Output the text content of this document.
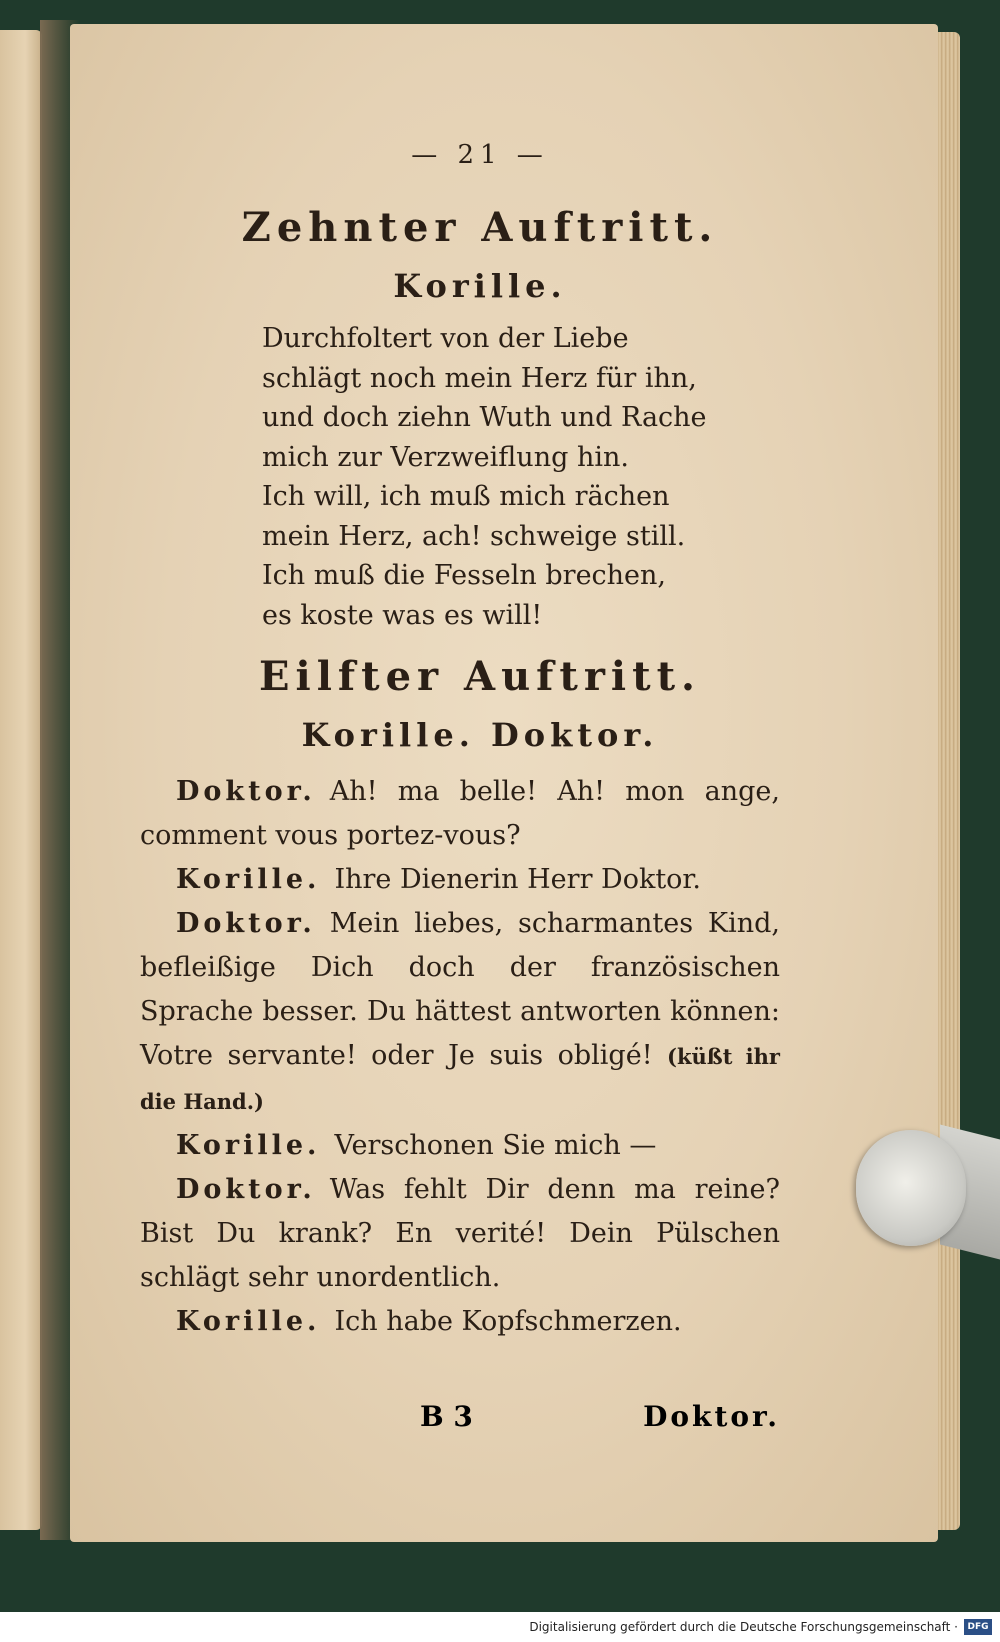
— 21 —
Zehnter Auftritt.
Korille.
Durchfoltert von der Liebe
schlägt noch mein Herz für ihn,
und doch ziehn Wuth und Rache
mich zur Verzweiflung hin.
Ich will, ich muß mich rächen
mein Herz, ach! schweige still.
Ich muß die Fesseln brechen,
es koste was es will!
Eilfter Auftritt.
Korille. Doktor.

Doktor. Ah! ma belle! Ah! mon ange, comment vous portez-vous?

Korille. Ihre Dienerin Herr Doktor.

Doktor. Mein liebes, scharmantes Kind, befleißige Dich doch der französischen Sprache besser. Du hättest antworten können: Votre servante! oder Je suis obligé! (küßt ihr die Hand.)

Korille. Verschonen Sie mich —

Doktor. Was fehlt Dir denn ma reine? Bist Du krank? En verité! Dein Pülschen schlägt sehr unordentlich.

Korille. Ich habe Kopfschmerzen.

B 3	Doktor.
Digitalisierung gefördert durch die Deutsche Forschungsgemeinschaft ·	DFG
